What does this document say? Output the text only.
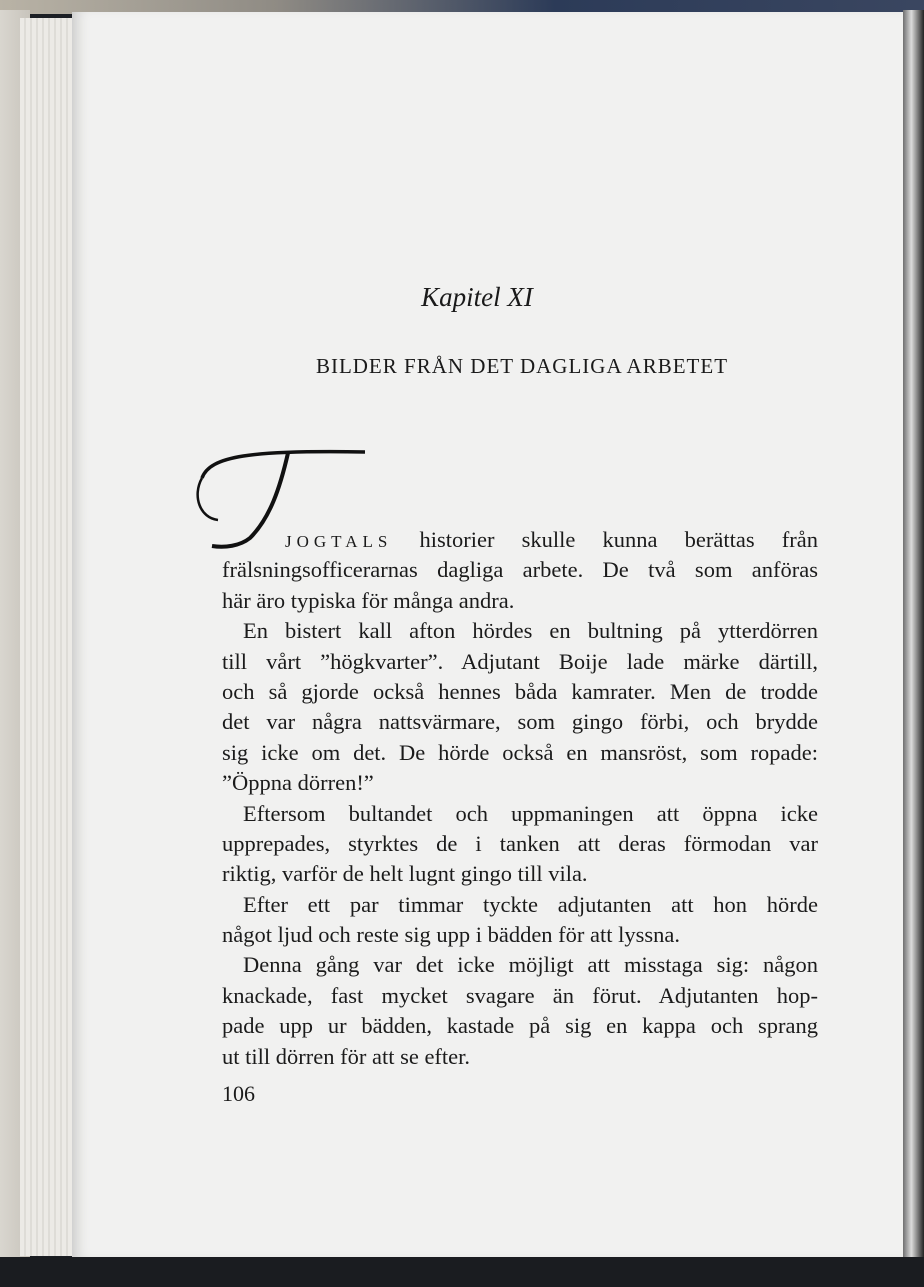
Kapitel XI
BILDER FRÅN DET DAGLIGA ARBETET
JOGTALS historier skulle kunna berättas från
frälsningsofficerarnas dagliga arbete. De två som anföras
här äro typiska för många andra.
En bistert kall afton hördes en bultning på ytterdörren
till vårt ”högkvarter”. Adjutant Boije lade märke därtill,
och så gjorde också hennes båda kamrater. Men de trodde
det var några nattsvärmare, som gingo förbi, och brydde
sig icke om det. De hörde också en mansröst, som ropade:
”Öppna dörren!”
Eftersom bultandet och uppmaningen att öppna icke
upprepades, styrktes de i tanken att deras förmodan var
riktig, varför de helt lugnt gingo till vila.
Efter ett par timmar tyckte adjutanten att hon hörde
något ljud och reste sig upp i bädden för att lyssna.
Denna gång var det icke möjligt att misstaga sig: någon
knackade, fast mycket svagare än förut. Adjutanten hop-
pade upp ur bädden, kastade på sig en kappa och sprang
ut till dörren för att se efter.
106
